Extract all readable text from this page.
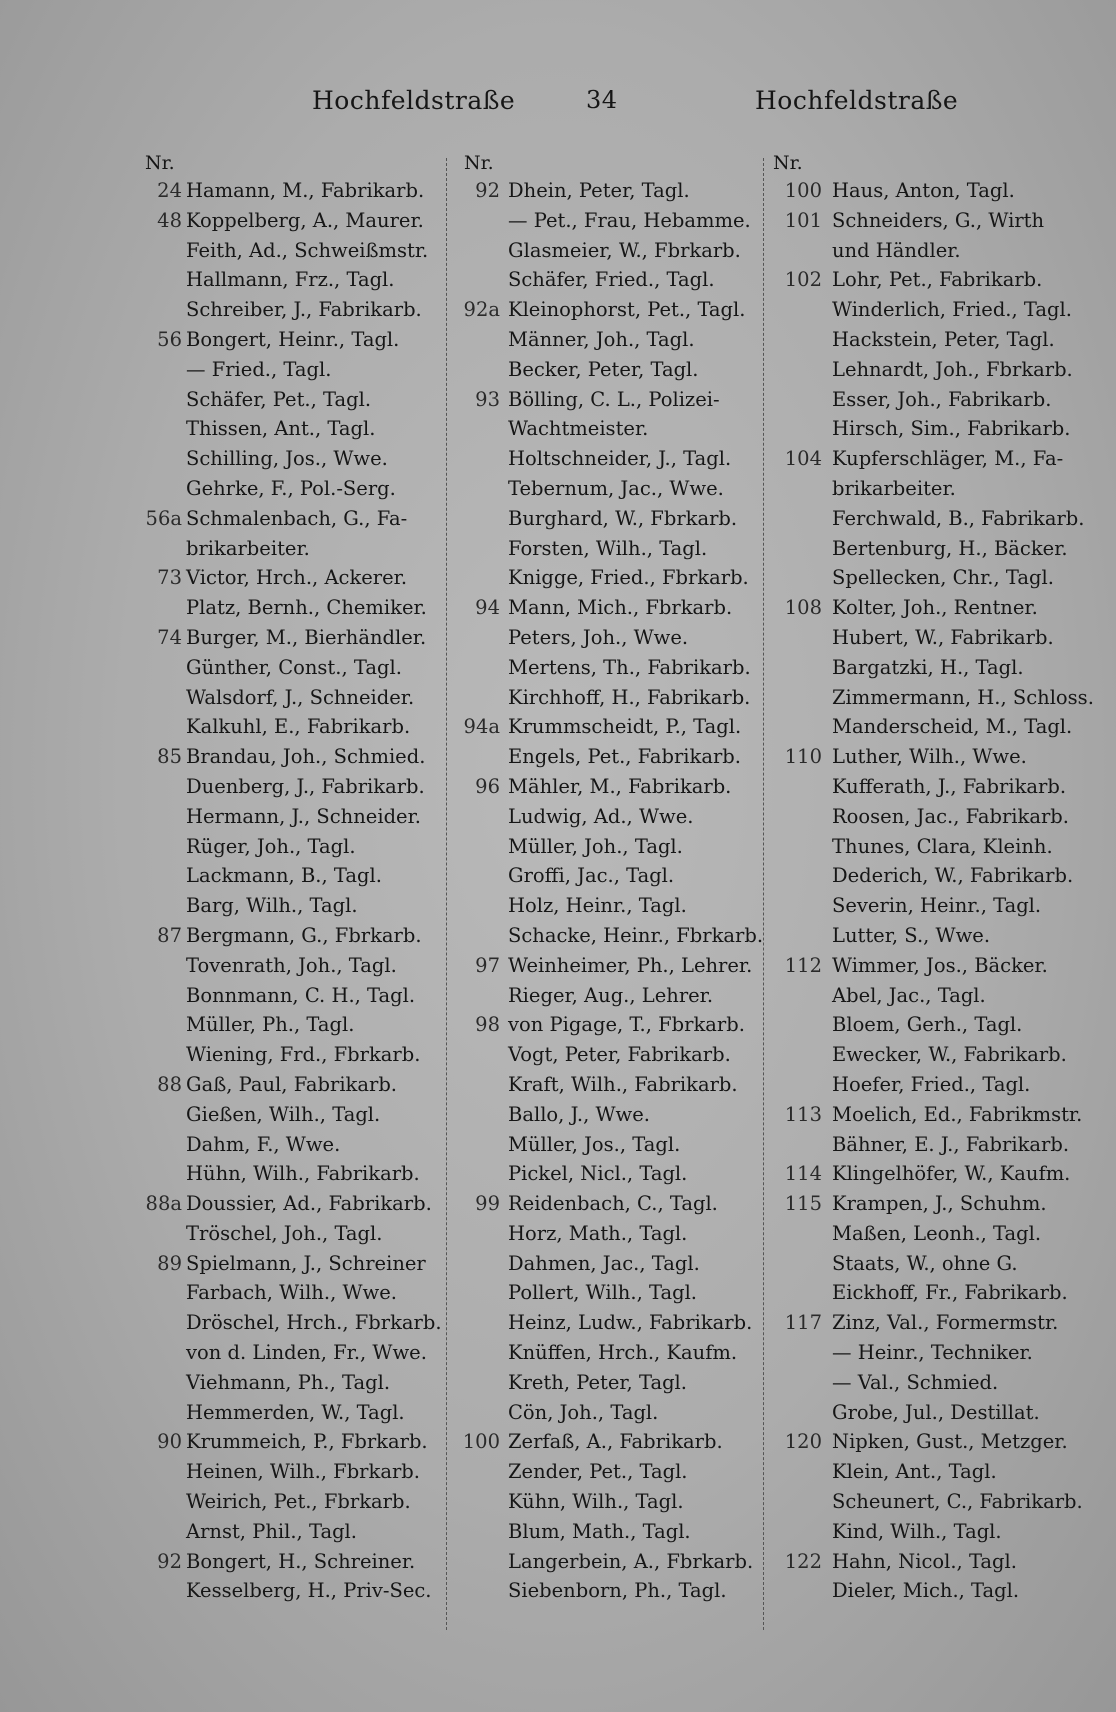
Hochfeldstraße	34	Hochfeldstraße
Nr.
24 Hamann, M., Fabrikarb.
48 Koppelberg, A., Maurer.
Feith, Ad., Schweißmstr.
Hallmann, Frz., Tagl.
Schreiber, J., Fabrikarb.
56 Bongert, Heinr., Tagl.
— Fried., Tagl.
Schäfer, Pet., Tagl.
Thissen, Ant., Tagl.
Schilling, Jos., Wwe.
Gehrke, F., Pol.-Serg.
56a Schmalenbach, G., Fa-
brikarbeiter.
73 Victor, Hrch., Ackerer.
Platz, Bernh., Chemiker.
74 Burger, M., Bierhändler.
Günther, Const., Tagl.
Walsdorf, J., Schneider.
Kalkuhl, E., Fabrikarb.
85 Brandau, Joh., Schmied.
Duenberg, J., Fabrikarb.
Hermann, J., Schneider.
Rüger, Joh., Tagl.
Lackmann, B., Tagl.
Barg, Wilh., Tagl.
87 Bergmann, G., Fbrkarb.
Tovenrath, Joh., Tagl.
Bonnmann, C. H., Tagl.
Müller, Ph., Tagl.
Wiening, Frd., Fbrkarb.
88 Gaß, Paul, Fabrikarb.
Gießen, Wilh., Tagl.
Dahm, F., Wwe.
Hühn, Wilh., Fabrikarb.
88a Doussier, Ad., Fabrikarb.
Tröschel, Joh., Tagl.
89 Spielmann, J., Schreiner
Farbach, Wilh., Wwe.
Dröschel, Hrch., Fbrkarb.
von d. Linden, Fr., Wwe.
Viehmann, Ph., Tagl.
Hemmerden, W., Tagl.
90 Krummeich, P., Fbrkarb.
Heinen, Wilh., Fbrkarb.
Weirich, Pet., Fbrkarb.
Arnst, Phil., Tagl.
92 Bongert, H., Schreiner.
Kesselberg, H., Priv-Sec.
Nr.
92 Dhein, Peter, Tagl.
— Pet., Frau, Hebamme.
Glasmeier, W., Fbrkarb.
Schäfer, Fried., Tagl.
92a Kleinophorst, Pet., Tagl.
Männer, Joh., Tagl.
Becker, Peter, Tagl.
93 Bölling, C. L., Polizei-
Wachtmeister.
Holtschneider, J., Tagl.
Tebernum, Jac., Wwe.
Burghard, W., Fbrkarb.
Forsten, Wilh., Tagl.
Knigge, Fried., Fbrkarb.
94 Mann, Mich., Fbrkarb.
Peters, Joh., Wwe.
Mertens, Th., Fabrikarb.
Kirchhoff, H., Fabrikarb.
94a Krummscheidt, P., Tagl.
Engels, Pet., Fabrikarb.
96 Mähler, M., Fabrikarb.
Ludwig, Ad., Wwe.
Müller, Joh., Tagl.
Groffi, Jac., Tagl.
Holz, Heinr., Tagl.
Schacke, Heinr., Fbrkarb.
97 Weinheimer, Ph., Lehrer.
Rieger, Aug., Lehrer.
98 von Pigage, T., Fbrkarb.
Vogt, Peter, Fabrikarb.
Kraft, Wilh., Fabrikarb.
Ballo, J., Wwe.
Müller, Jos., Tagl.
Pickel, Nicl., Tagl.
99 Reidenbach, C., Tagl.
Horz, Math., Tagl.
Dahmen, Jac., Tagl.
Pollert, Wilh., Tagl.
Heinz, Ludw., Fabrikarb.
Knüffen, Hrch., Kaufm.
Kreth, Peter, Tagl.
Cön, Joh., Tagl.
100 Zerfaß, A., Fabrikarb.
Zender, Pet., Tagl.
Kühn, Wilh., Tagl.
Blum, Math., Tagl.
Langerbein, A., Fbrkarb.
Siebenborn, Ph., Tagl.
Nr.
100 Haus, Anton, Tagl.
101 Schneiders, G., Wirth
und Händler.
102 Lohr, Pet., Fabrikarb.
Winderlich, Fried., Tagl.
Hackstein, Peter, Tagl.
Lehnardt, Joh., Fbrkarb.
Esser, Joh., Fabrikarb.
Hirsch, Sim., Fabrikarb.
104 Kupferschläger, M., Fa-
brikarbeiter.
Ferchwald, B., Fabrikarb.
Bertenburg, H., Bäcker.
Spellecken, Chr., Tagl.
108 Kolter, Joh., Rentner.
Hubert, W., Fabrikarb.
Bargatzki, H., Tagl.
Zimmermann, H., Schloss.
Manderscheid, M., Tagl.
110 Luther, Wilh., Wwe.
Kufferath, J., Fabrikarb.
Roosen, Jac., Fabrikarb.
Thunes, Clara, Kleinh.
Dederich, W., Fabrikarb.
Severin, Heinr., Tagl.
Lutter, S., Wwe.
112 Wimmer, Jos., Bäcker.
Abel, Jac., Tagl.
Bloem, Gerh., Tagl.
Ewecker, W., Fabrikarb.
Hoefer, Fried., Tagl.
113 Moelich, Ed., Fabrikmstr.
Bähner, E. J., Fabrikarb.
114 Klingelhöfer, W., Kaufm.
115 Krampen, J., Schuhm.
Maßen, Leonh., Tagl.
Staats, W., ohne G.
Eickhoff, Fr., Fabrikarb.
117 Zinz, Val., Formermstr.
— Heinr., Techniker.
— Val., Schmied.
Grobe, Jul., Destillat.
120 Nipken, Gust., Metzger.
Klein, Ant., Tagl.
Scheunert, C., Fabrikarb.
Kind, Wilh., Tagl.
122 Hahn, Nicol., Tagl.
Dieler, Mich., Tagl.
